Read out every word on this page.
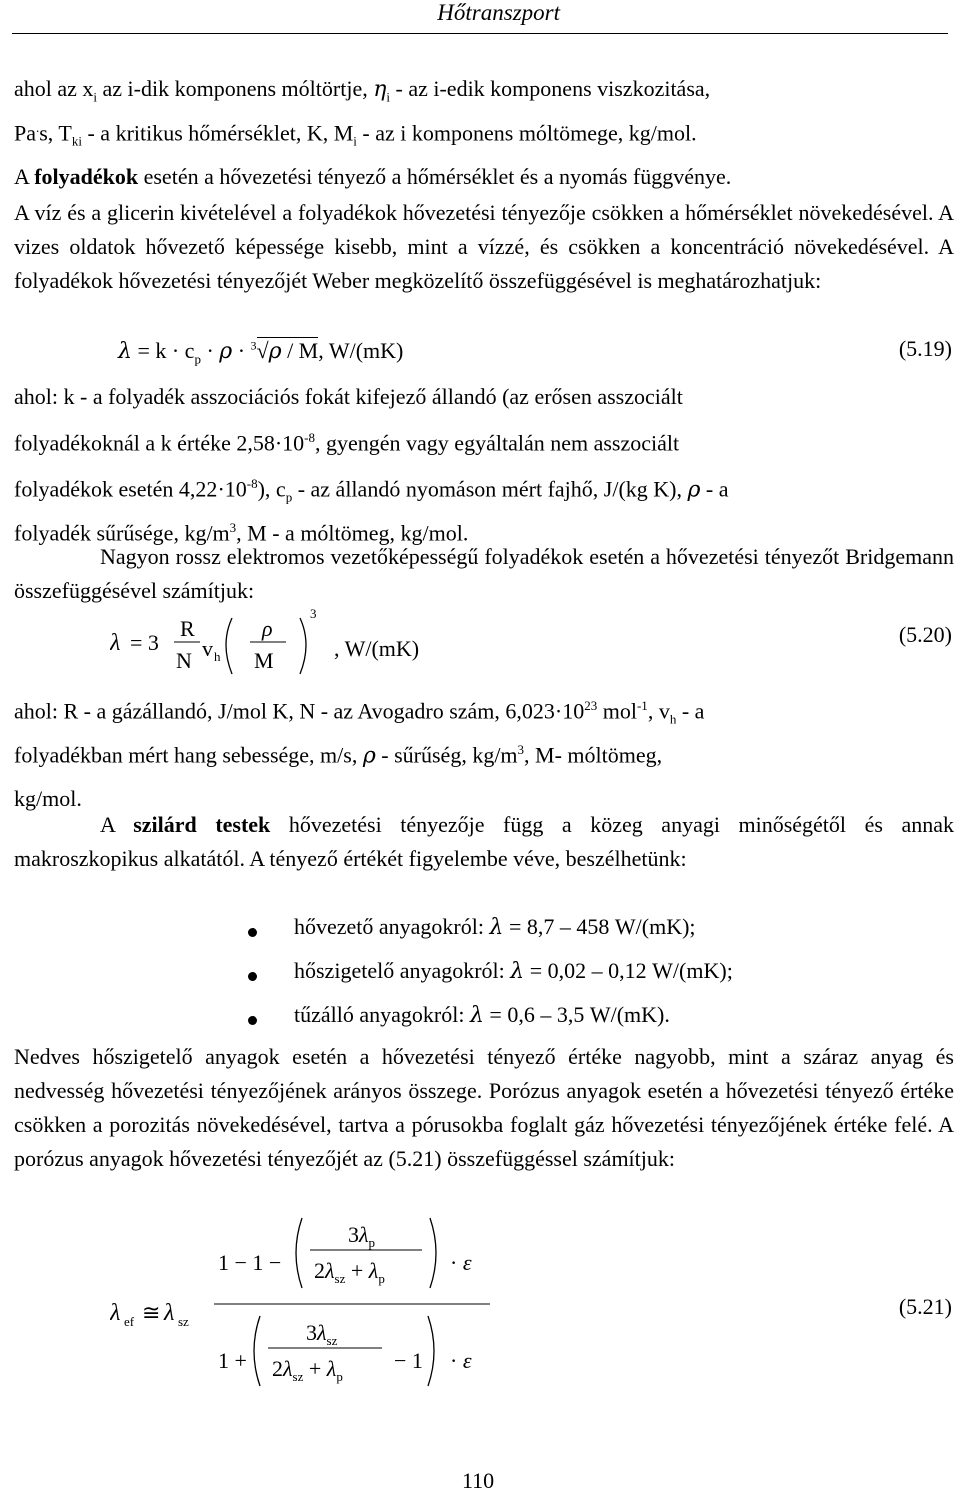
Hőtranszport
ahol az $x_i$ az i-dik komponens móltörtje, $\eta_i$ - az i-edik komponens viszkozitása,
Pa.s, $T_{ki}$ - a kritikus hőmérséklet, K, $M_i$ - az i komponens móltömege, kg/mol.
A folyadékok esetén a hővezetési tényező a hőmérséklet és a nyomás függvénye.
A víz és a glicerin kivételével a folyadékok hővezetési tényezője csökken a hőmérséklet növekedésével. A vizes oldatok hővezető képessége kisebb, mint a vízzé, és csökken a koncentráció növekedésével. A folyadékok hővezetési tényezőjét Weber megközelítő összefüggésével is meghatározhatjuk:
$\lambda = k \cdot c_p \cdot \rho \cdot ^3√\rho / M$, W/(mK)	(5.19)
ahol: k - a folyadék asszociációs fokát kifejező állandó (az erősen asszociált
folyadékoknál a k értéke $2,58\cdot 10^{-8}$, gyengén vagy egyáltalán nem asszociált
folyadékok esetén $4,22\cdot 10^{-8}$), $c_p$ - az állandó nyomáson mért fajhő, J/(kg K), ρ - a
folyadék sűrűsége, $kg/m^3$, M - a móltömeg, kg/mol.
Nagyon rossz elektromos vezetőképességű folyadékok esetén a hővezetési tényezőt Bridgemann összefüggésével számítjuk:
λ = 3
R
N v h
ρ
M
3
, W/(mK)
(5.20)
ahol: R - a gázállandó, J/mol K, N - az Avogadro szám, $6,023\cdot 10^{23}$ mol$^{-1}$, $v_h$ - a
folyadékban mért hang sebessége, m/s, ρ - sűrűség, $kg/m^3$, M- móltömeg,
kg/mol.
A szilárd testek hővezetési tényezője függ a közeg anyagi minőségétől és annak makroszkopikus alkatától. A tényező értékét figyelembe véve, beszélhetünk:
hővezető anyagokról: λ = 8,7 – 458 W/(mK);
hőszigetelő anyagokról: λ = 0,02 – 0,12 W/(mK);
tűzálló anyagokról: λ = 0,6 – 3,5 W/(mK).
Nedves hőszigetelő anyagok esetén a hővezetési tényező értéke nagyobb, mint a száraz anyag és nedvesség hővezetési tényezőjének arányos összege. Porózus anyagok esetén a hővezetési tényező értéke csökken a porozitás növekedésével, tartva a pórusokba foglalt gáz hővezetési tényezőjének értéke felé. A porózus anyagok hővezetési tényezőjét az (5.21) összefüggéssel számítjuk:
λ ef ≅ λ sz
1 − 1 −
$3\lambda_p$
$2\lambda_{sz} + \lambda_p$
· ε
1 +
$3\lambda_{sz}$
$2\lambda_{sz} + \lambda_p$
− 1 · ε
(5.21)
110
